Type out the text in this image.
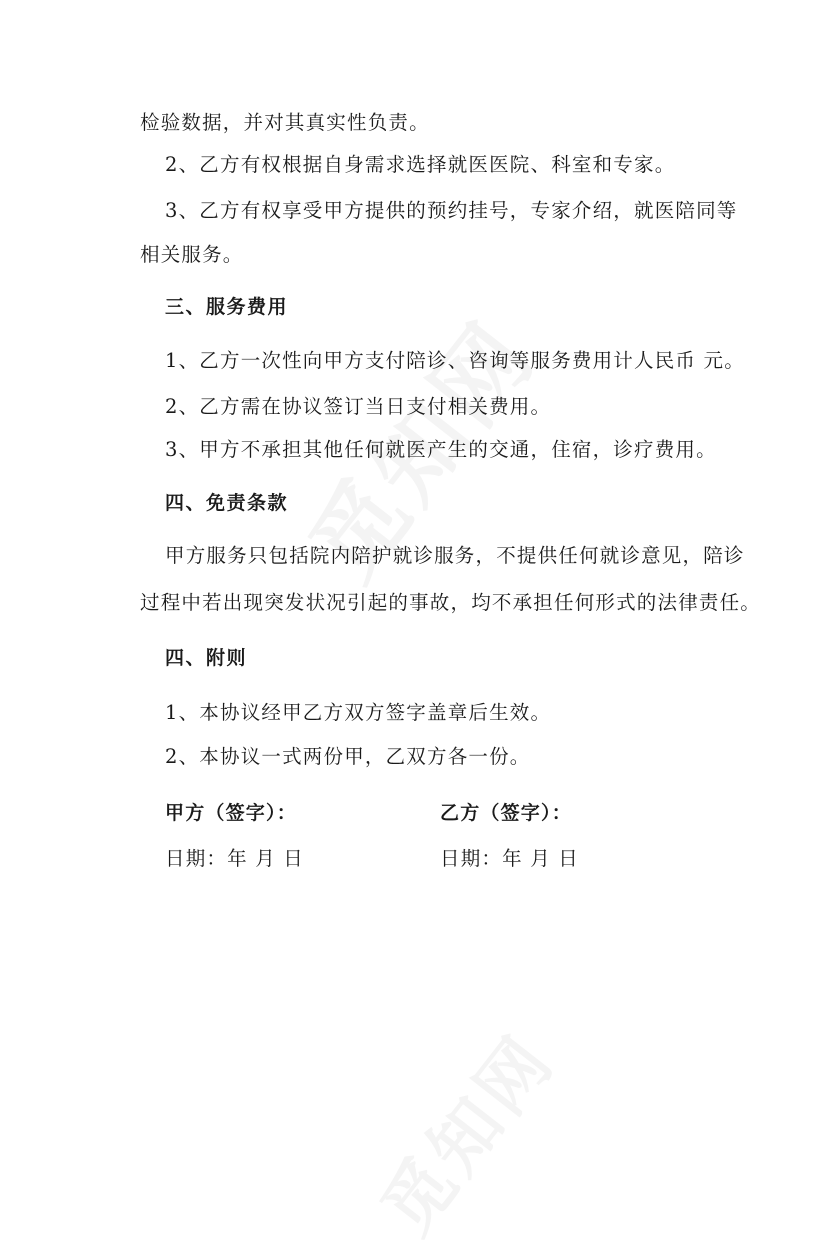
检验数据，并对其真实性负责。
2、乙方有权根据自身需求选择就医医院、科室和专家。
3、乙方有权享受甲方提供的预约挂号，专家介绍，就医陪同等
相关服务。
三、服务费用
1、乙方一次性向甲方支付陪诊、咨询等服务费用计人民币 元。
2、乙方需在协议签订当日支付相关费用。
3、甲方不承担其他任何就医产生的交通，住宿，诊疗费用。
四、免责条款
甲方服务只包括院内陪护就诊服务，不提供任何就诊意见，陪诊
过程中若出现突发状况引起的事故，均不承担任何形式的法律责任。
四、附则
1、本协议经甲乙方双方签字盖章后生效。
2、本协议一式两份甲，乙双方各一份。
甲方（签字）：	乙方（签字）：
日期：年 月 日	日期：年 月 日
